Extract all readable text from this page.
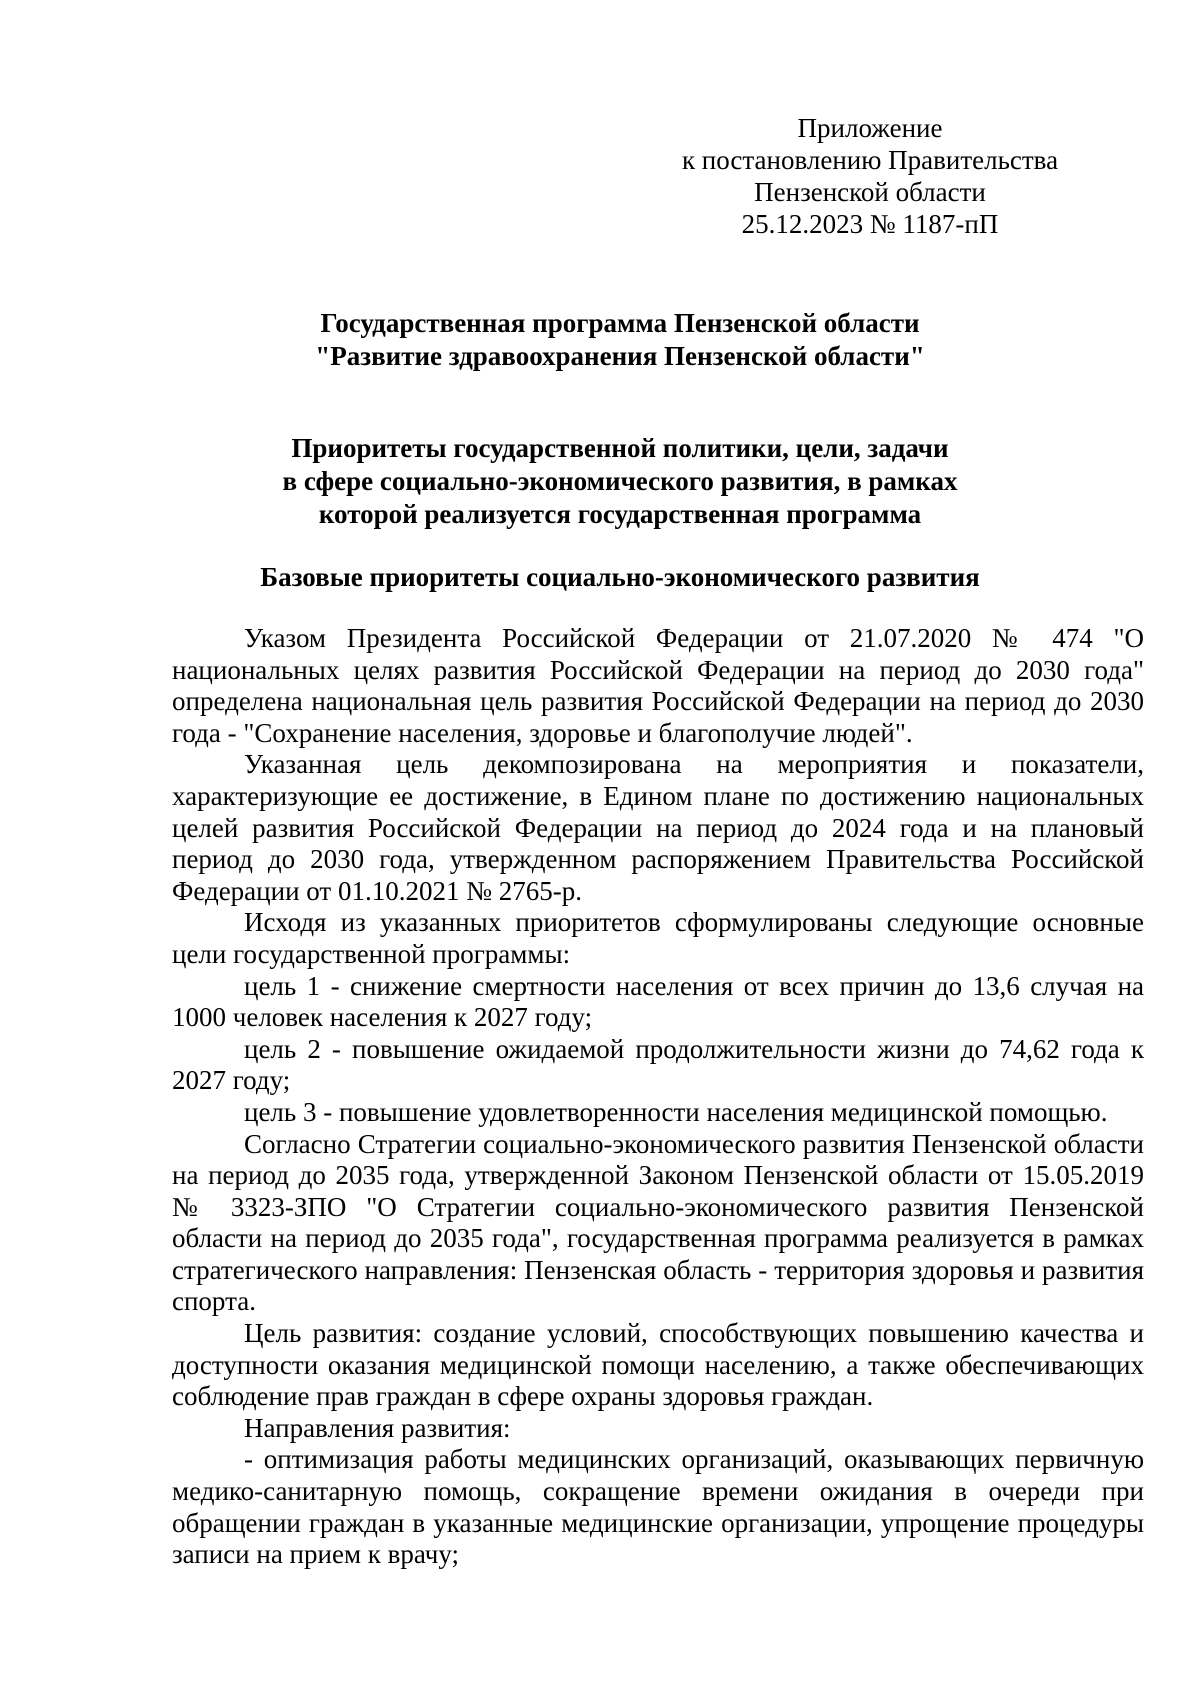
Приложение
к постановлению Правительства
Пензенской области
25.12.2023 № 1187-пП
Государственная программа Пензенской области
"Развитие здравоохранения Пензенской области"
Приоритеты государственной политики, цели, задачи
в сфере социально-экономического развития, в рамках
которой реализуется государственная программа
Базовые приоритеты социально-экономического развития

Указом Президента Российской Федерации от 21.07.2020 № 474 "О национальных целях развития Российской Федерации на период до 2030 года" определена национальная цель развития Российской Федерации на период до 2030 года - "Сохранение населения, здоровье и благополучие людей".

Указанная цель декомпозирована на мероприятия и показатели, характеризующие ее достижение, в Едином плане по достижению национальных целей развития Российской Федерации на период до 2024 года и на плановый период до 2030 года, утвержденном распоряжением Правительства Российской Федерации от 01.10.2021 № 2765-р.

Исходя из указанных приоритетов сформулированы следующие основные цели государственной программы:

цель 1 - снижение смертности населения от всех причин до 13,6 случая на 1000 человек населения к 2027 году;

цель 2 - повышение ожидаемой продолжительности жизни до 74,62 года к 2027 году;

цель 3 - повышение удовлетворенности населения медицинской помощью.

Согласно Стратегии социально-экономического развития Пензенской области на период до 2035 года, утвержденной Законом Пензенской области от 15.05.2019 № 3323-ЗПО "О Стратегии социально-экономического развития Пензенской области на период до 2035 года", государственная программа реализуется в рамках стратегического направления: Пензенская область - территория здоровья и развития спорта.

Цель развития: создание условий, способствующих повышению качества и доступности оказания медицинской помощи населению, а также обеспечивающих соблюдение прав граждан в сфере охраны здоровья граждан.

Направления развития:

- оптимизация работы медицинских организаций, оказывающих первичную медико-санитарную помощь, сокращение времени ожидания в очереди при обращении граждан в указанные медицинские организации, упрощение процедуры записи на прием к врачу;
